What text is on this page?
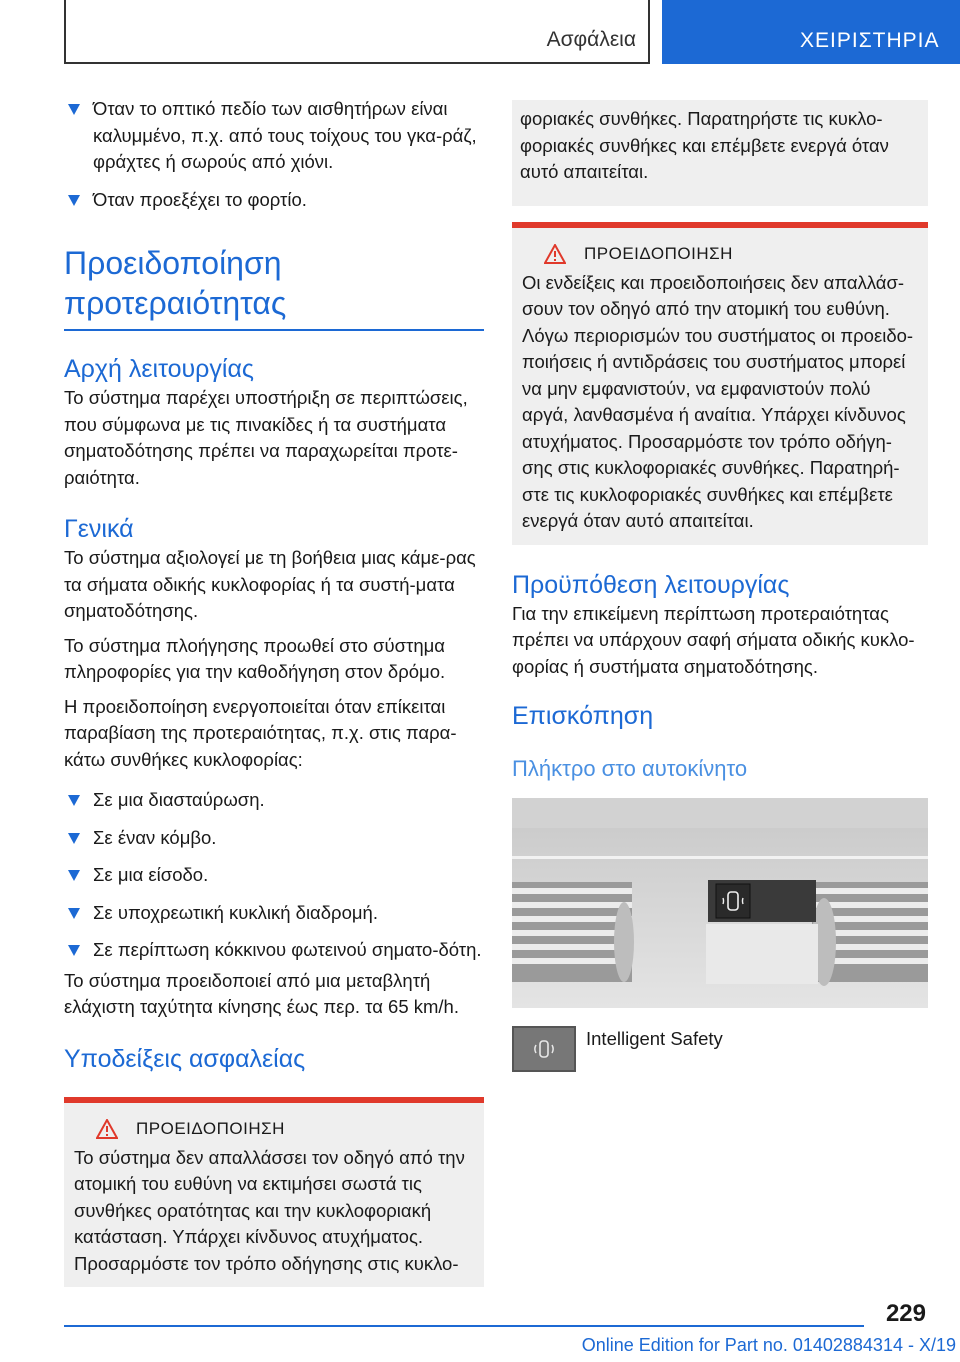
Ασφάλεια	ΧΕΙΡΙΣΤΗΡΙΑ
Όταν το οπτικό πεδίο των αισθητήρων είναι καλυμμένο, π.χ. από τους τοίχους του γκα-ράζ, φράχτες ή σωρούς από χιόνι.
Όταν προεξέχει το φορτίο.
Προειδοποίηση προτεραιότητας
Αρχή λειτουργίας

Το σύστημα παρέχει υποστήριξη σε περιπτώσεις, που σύμφωνα με τις πινακίδες ή τα συστήματα σηματοδότησης πρέπει να παραχωρείται προτε-ραιότητα.

Γενικά

Το σύστημα αξιολογεί με τη βοήθεια μιας κάμε-ρας τα σήματα οδικής κυκλοφορίας ή τα συστή-ματα σηματοδότησης.

Το σύστημα πλοήγησης προωθεί στο σύστημα πληροφορίες για την καθοδήγηση στον δρόμο.

Η προειδοποίηση ενεργοποιείται όταν επίκειται παραβίαση της προτεραιότητας, π.χ. στις παρα-κάτω συνθήκες κυκλοφορίας:

Σε μια διασταύρωση.
Σε έναν κόμβο.
Σε μια είσοδο.
Σε υποχρεωτική κυκλική διαδρομή.
Σε περίπτωση κόκκινου φωτεινού σηματο-δότη.

Το σύστημα προειδοποιεί από μια μεταβλητή ελάχιστη ταχύτητα κίνησης έως περ. τα 65 km/h.

Υποδείξεις ασφαλείας
ΠΡΟΕΙΔΟΠΟΙΗΣΗ

Το σύστημα δεν απαλλάσσει τον οδηγό από την ατομική του ευθύνη να εκτιμήσει σωστά τις συνθήκες ορατότητας και την κυκλοφοριακή κατάσταση. Υπάρχει κίνδυνος ατυχήματος. Προσαρμόστε τον τρόπο οδήγησης στις κυκλο-

φοριακές συνθήκες. Παρατηρήστε τις κυκλο-φοριακές συνθήκες και επέμβετε ενεργά όταν αυτό απαιτείται.

ΠΡΟΕΙΔΟΠΟΙΗΣΗ

Οι ενδείξεις και προειδοποιήσεις δεν απαλλάσ-σουν τον οδηγό από την ατομική του ευθύνη. Λόγω περιορισμών του συστήματος οι προειδο-ποιήσεις ή αντιδράσεις του συστήματος μπορεί να μην εμφανιστούν, να εμφανιστούν πολύ αργά, λανθασμένα ή αναίτια. Υπάρχει κίνδυνος ατυχήματος. Προσαρμόστε τον τρόπο οδήγη-σης στις κυκλοφοριακές συνθήκες. Παρατηρή-στε τις κυκλοφοριακές συνθήκες και επέμβετε ενεργά όταν αυτό απαιτείται.

Προϋπόθεση λειτουργίας

Για την επικείμενη περίπτωση προτεραιότητας πρέπει να υπάρχουν σαφή σήματα οδικής κυκλο-φορίας ή συστήματα σηματοδότησης.

Επισκόπηση
Πλήκτρο στο αυτοκίνητο
Intelligent Safety
229
Online Edition for Part no. 01402884314 - X/19
